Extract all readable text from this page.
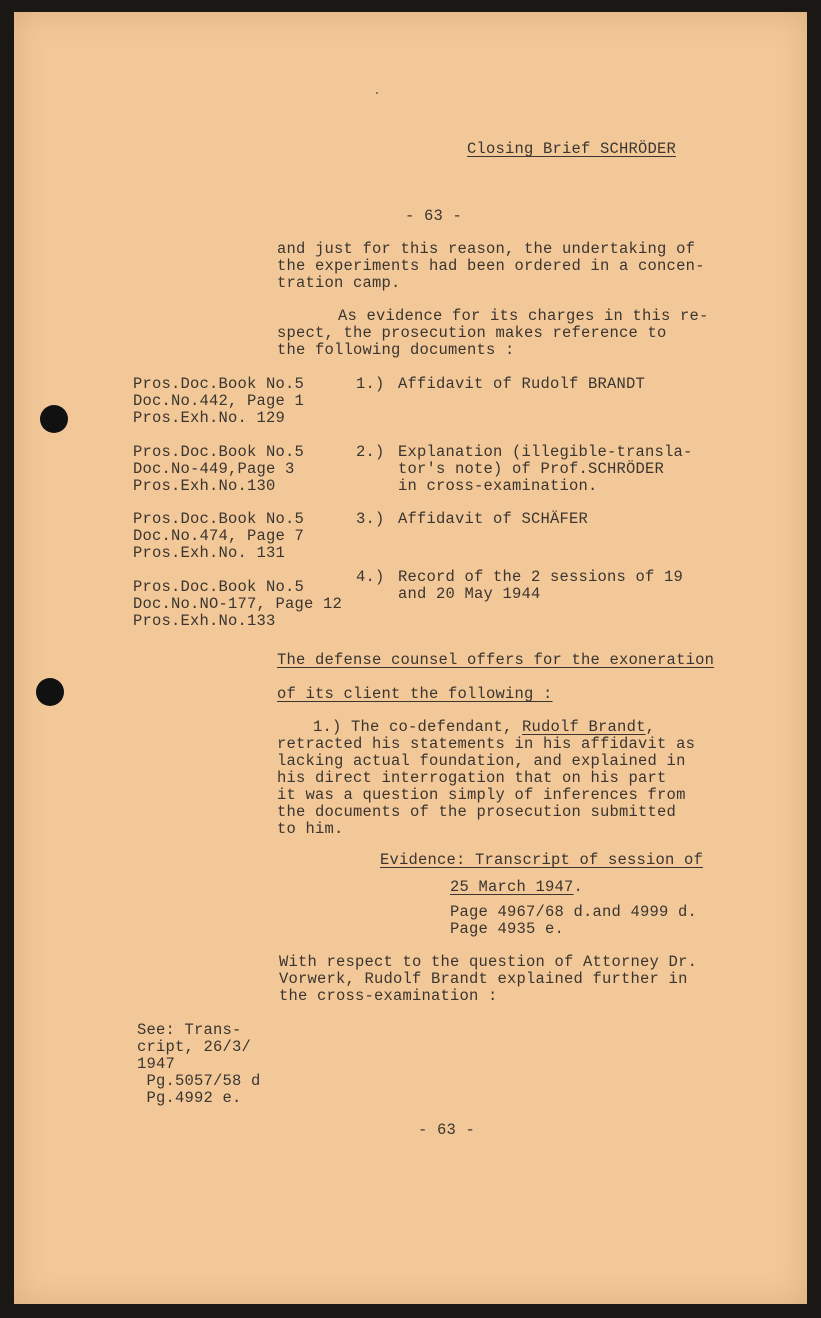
Closing Brief SCHRÖDER
- 63 -
and just for this reason, the undertaking of
the experiments had been ordered in a concen-
tration camp.
As evidence for its charges in this re-
spect, the prosecution makes reference to
the following documents :
Pros.Doc.Book No.5
Doc.No.442, Page 1
Pros.Exh.No. 129
1.) Affidavit of Rudolf BRANDT
Pros.Doc.Book No.5
Doc.No-449,Page 3
Pros.Exh.No.130
2.) Explanation (illegible-transla-
tor's note) of Prof.SCHRÖDER
in cross-examination.
Pros.Doc.Book No.5
Doc.No.474, Page 7
Pros.Exh.No. 131
3.) Affidavit of SCHÄFER
Pros.Doc.Book No.5
Doc.No.NO-177, Page 12
Pros.Exh.No.133
4.) Record of the 2 sessions of 19
and 20 May 1944
The defense counsel offers for the exoneration
of its client the following :
1.) The co-defendant, Rudolf Brandt,
retracted his statements in his affidavit as
lacking actual foundation, and explained in
his direct interrogation that on his part
it was a question simply of inferences from
the documents of the prosecution submitted
to him.
Evidence: Transcript of session of
25 March 1947.
Page 4967/68 d.and 4999 d.
Page 4935 e.
With respect to the question of Attorney Dr.
Vorwerk, Rudolf Brandt explained further in
the cross-examination :
See: Trans-
cript, 26/3/
1947
Pg.5057/58 d
Pg.4992 e.
- 63 -
